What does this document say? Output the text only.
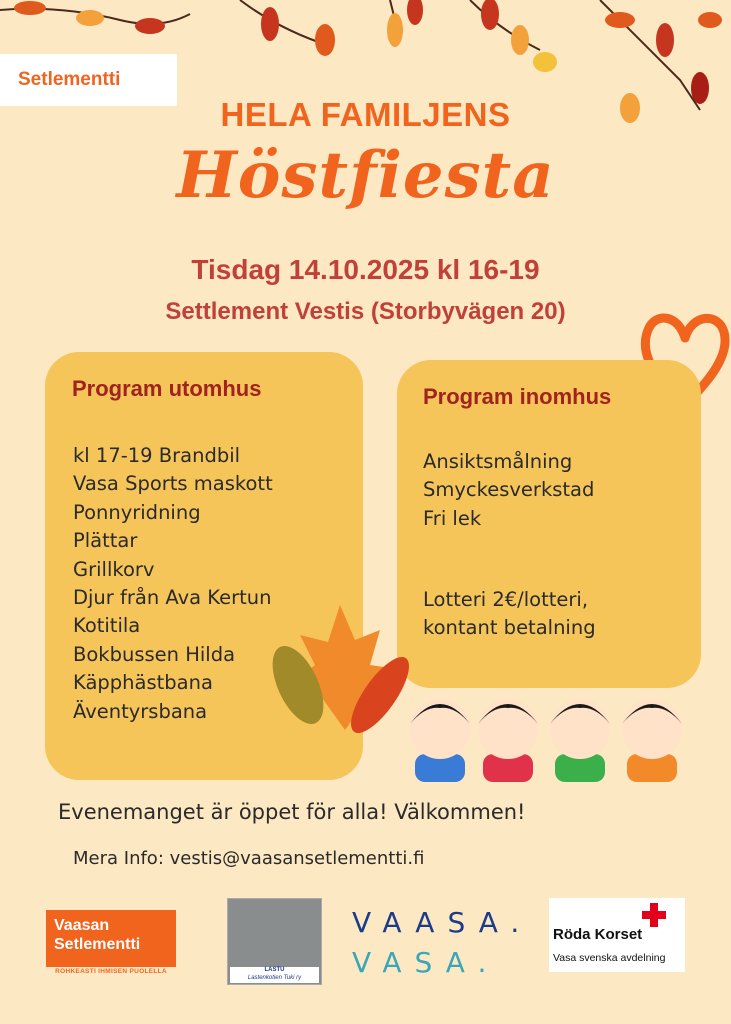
Setlementti
HELA FAMILJENS
Höstfiesta
Tisdag 14.10.2025 kl 16-19
Settlement Vestis (Storbyvägen 20)
Program utomhus
kl 17-19 Brandbil
Vasa Sports maskott
Ponnyridning
Plättar
Grillkorv
Djur från Ava Kertun
Kotitila
Bokbussen Hilda
Käpphästbana
Äventyrsbana
Program inomhus
Ansiktsmålning
Smyckesverkstad
Fri lek
Lotteri 2€/lotteri,
kontant betalning
Evenemanget är öppet för alla! Välkommen!
Mera Info: vestis@vaasansetlementti.fi
Vaasan
Setlementti
ROHKEASTI IHMISEN PUOLELLA	LASTU
Lastenkotien Tuki ry
VAASA.
VASA.
Röda Korset
Vasa svenska avdelning
